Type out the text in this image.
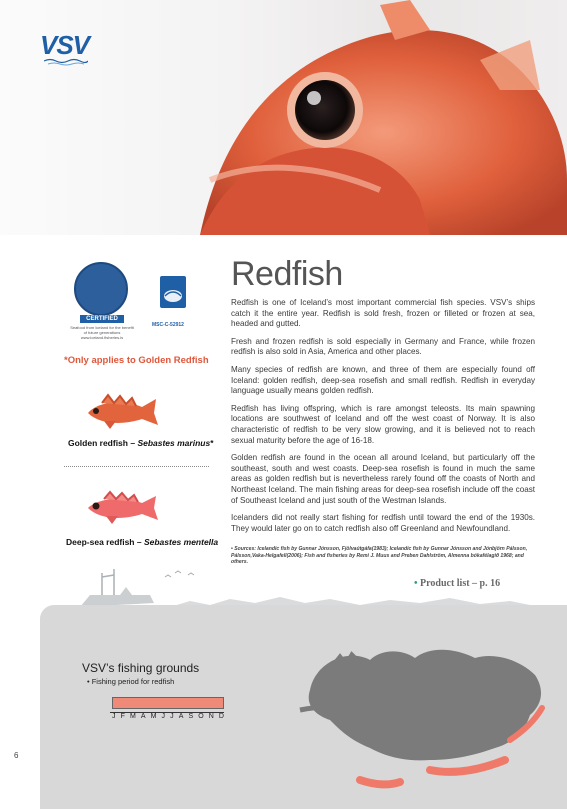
VSV
CERTIFIED
Seafood from Iceland for the benefit of future generations www.iceland.fisheries.is
MSC-C-52912
*Only applies to Golden Redfish
Golden redfish – Sebastes marinus*
Deep-sea redfish – Sebastes mentella
Redfish

Redfish is one of Iceland’s most important commercial fish species. VSV’s ships catch it the entire year. Redfish is sold fresh, frozen or filleted or frozen at sea, headed and gutted.

Fresh and frozen redfish is sold especially in Germany and France, while frozen redfish is also sold in Asia, America and other places.

Many species of redfish are known, and three of them are especially found off Iceland: golden redfish, deep-sea rosefish and small redfish. Redfish in everyday language usually means golden redfish.

Redfish has living offspring, which is rare amongst teleosts. Its main spawning locations are southwest of Iceland and off the west coast of Norway. It is also characteristic of redfish to be very slow growing, and it is believed not to reach sexual maturity before the age of 16-18.

Golden redfish are found in the ocean all around Iceland, but particularly off the southeast, south and west coasts. Deep-sea rosefish is found in much the same areas as golden redfish but is nevertheless rarely found off the coasts of North and Northeast Iceland. The main fishing areas for deep-sea rosefish include off the coast of Southeast Iceland and just south of the Westman Islands.

Icelanders did not really start fishing for redfish until toward the end of the 1930s. They would later go on to catch redfish also off Greenland and Newfoundland.

• Sources: Icelandic fish by Gunnar Jónsson, Fjölvaútgáfa(1983); Icelandic fish by Gunnar Jónsson and Jónbjörn Pálsson, Pálsson,Vaka-Helgafell(2006); Fish and fisheries by Remi J. Muus and Preben Dahlström, Almenna bókafélagið 1968; and others.
• Product list – p. 16
VSV’s fishing grounds
• Fishing period for redfish
J F M A M J J A S O N D
6
